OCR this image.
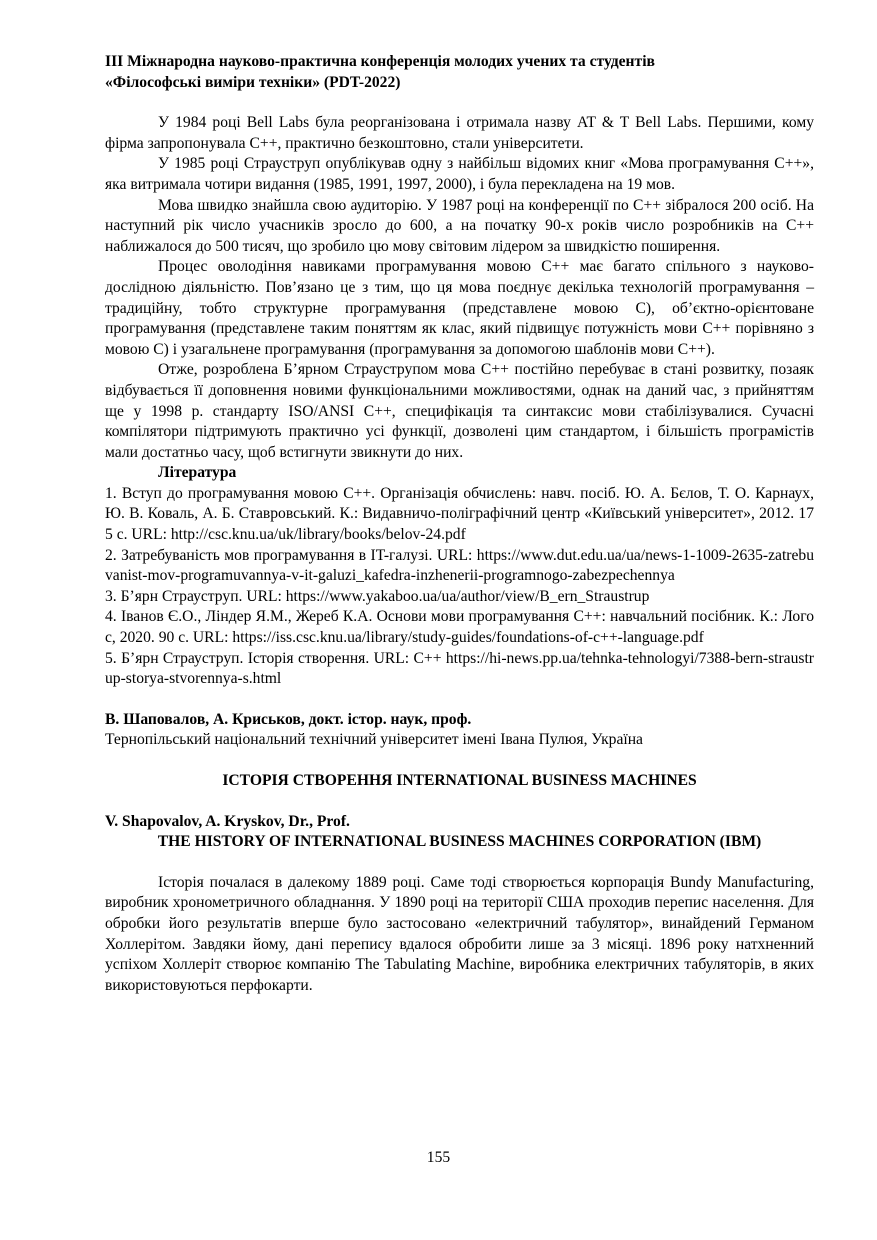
III Міжнародна науково-практична конференція молодих учених та студентів
«Філософські виміри техніки» (PDT-2022)

У 1984 році Bell Labs була реорганізована і отримала назву AT & T Bell Labs. Першими, кому фірма запропонувала С++, практично безкоштовно, стали університети.

У 1985 році Страуструп опублікував одну з найбільш відомих книг «Мова програмування С++», яка витримала чотири видання (1985, 1991, 1997, 2000), і була перекладена на 19 мов.

Мова швидко знайшла свою аудиторію. У 1987 році на конференції по С++ зібралося 200 осіб. На наступний рік число учасників зросло до 600, а на початку 90-х років число розробників на С++ наближалося до 500 тисяч, що зробило цю мову світовим лідером за швидкістю поширення.

Процес оволодіння навиками програмування мовою С++ має багато спільного з науково-дослідною діяльністю. Пов’язано це з тим, що ця мова поєднує декілька технологій програмування – традиційну, тобто структурне програмування (представлене мовою С), об’єктно-орієнтоване програмування (представлене таким поняттям як клас, який підвищує потужність мови С++ порівняно з мовою С) і узагальнене програмування (програмування за допомогою шаблонів мови С++).

Отже, розроблена Б’ярном Страуструпом мова С++ постійно перебуває в стані розвитку, позаяк відбувається її доповнення новими функціональними можливостями, однак на даний час, з прийняттям ще у 1998 р. стандарту ISO/ANSI C++, специфікація та синтаксис мови стабілізувалися. Сучасні компілятори підтримують практично усі функції, дозволені цим стандартом, і більшість програмістів мали достатньо часу, щоб встигнути звикнути до них.

Література

1. Вступ до програмування мовою С++. Організація обчислень: навч. посіб. Ю. А. Бєлов, Т. О. Карнаух, Ю. В. Коваль, А. Б. Ставровський. К.: Видавничо-поліграфічний центр «Київський університет», 2012. 175 с. URL: http://csc.knu.ua/uk/library/books/belov-24.pdf

2. Затребуваність мов програмування в IT-галузі. URL: https://www.dut.edu.ua/ua/news-1-1009-2635-zatrebuvanist-mov-programuvannya-v-it-galuzi_kafedra-inzhenerii-programnogo-zabezpechennya

3. Б’ярн Страуструп. URL: https://www.yakaboo.ua/ua/author/view/B_ern_Straustrup

4. Іванов Є.О., Ліндер Я.М., Жереб К.А. Основи мови програмування С++: навчальний посібник. К.: Логос, 2020. 90 с. URL: https://iss.csc.knu.ua/library/study-guides/foundations-of-c++-language.pdf

5. Б’ярн Страуструп. Історія створення. URL: C++ https://hi-news.pp.ua/tehnka-tehnologyi/7388-bern-straustrup-storya-stvorennya-s.html

В. Шаповалов, А. Криськов, докт. істор. наук, проф.

Тернопільський національний технічний університет імені Івана Пулюя, Україна

ІСТОРІЯ СТВОРЕННЯ INTERNATIONAL BUSINESS MACHINES

V. Shapovalov, A. Kryskov, Dr., Prof.

THE HISTORY OF INTERNATIONAL BUSINESS MACHINES CORPORATION (IBM)

Історія почалася в далекому 1889 році. Саме тоді створюється корпорація Bundy Manufacturing, виробник хронометричного обладнання. У 1890 році на території США проходив перепис населення. Для обробки його результатів вперше було застосовано «електричний табулятор», винайдений Германом Холлерітом. Завдяки йому, дані перепису вдалося обробити лише за 3 місяці. 1896 року натхненний успіхом Холлеріт створює компанію The Tabulating Machine, виробника електричних табуляторів, в яких використовуються перфокарти.

155
